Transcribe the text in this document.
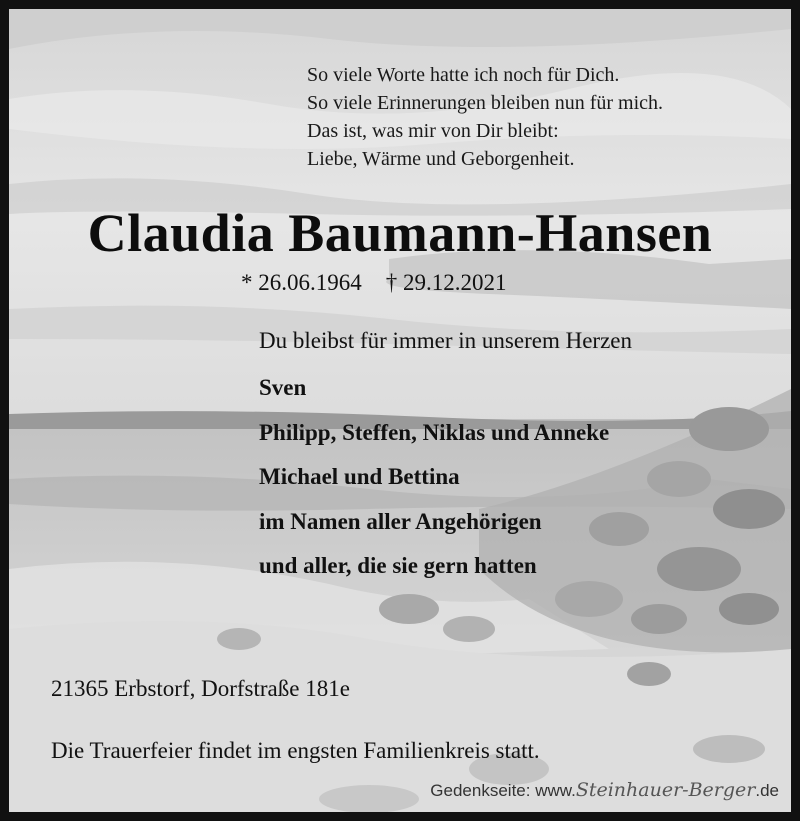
So viele Worte hatte ich noch für Dich.
So viele Erinnerungen bleiben nun für mich.
Das ist, was mir von Dir bleibt:
Liebe, Wärme und Geborgenheit.
Claudia Baumann-Hansen
* 26.06.1964 † 29.12.2021
Du bleibst für immer in unserem Herzen
Sven
Philipp, Steffen, Niklas und Anneke
Michael und Bettina
im Namen aller Angehörigen
und aller, die sie gern hatten
21365 Erbstorf, Dorfstraße 181e
Die Trauerfeier findet im engsten Familienkreis statt.
Gedenkseite: www.Steinhauer-Berger.de
